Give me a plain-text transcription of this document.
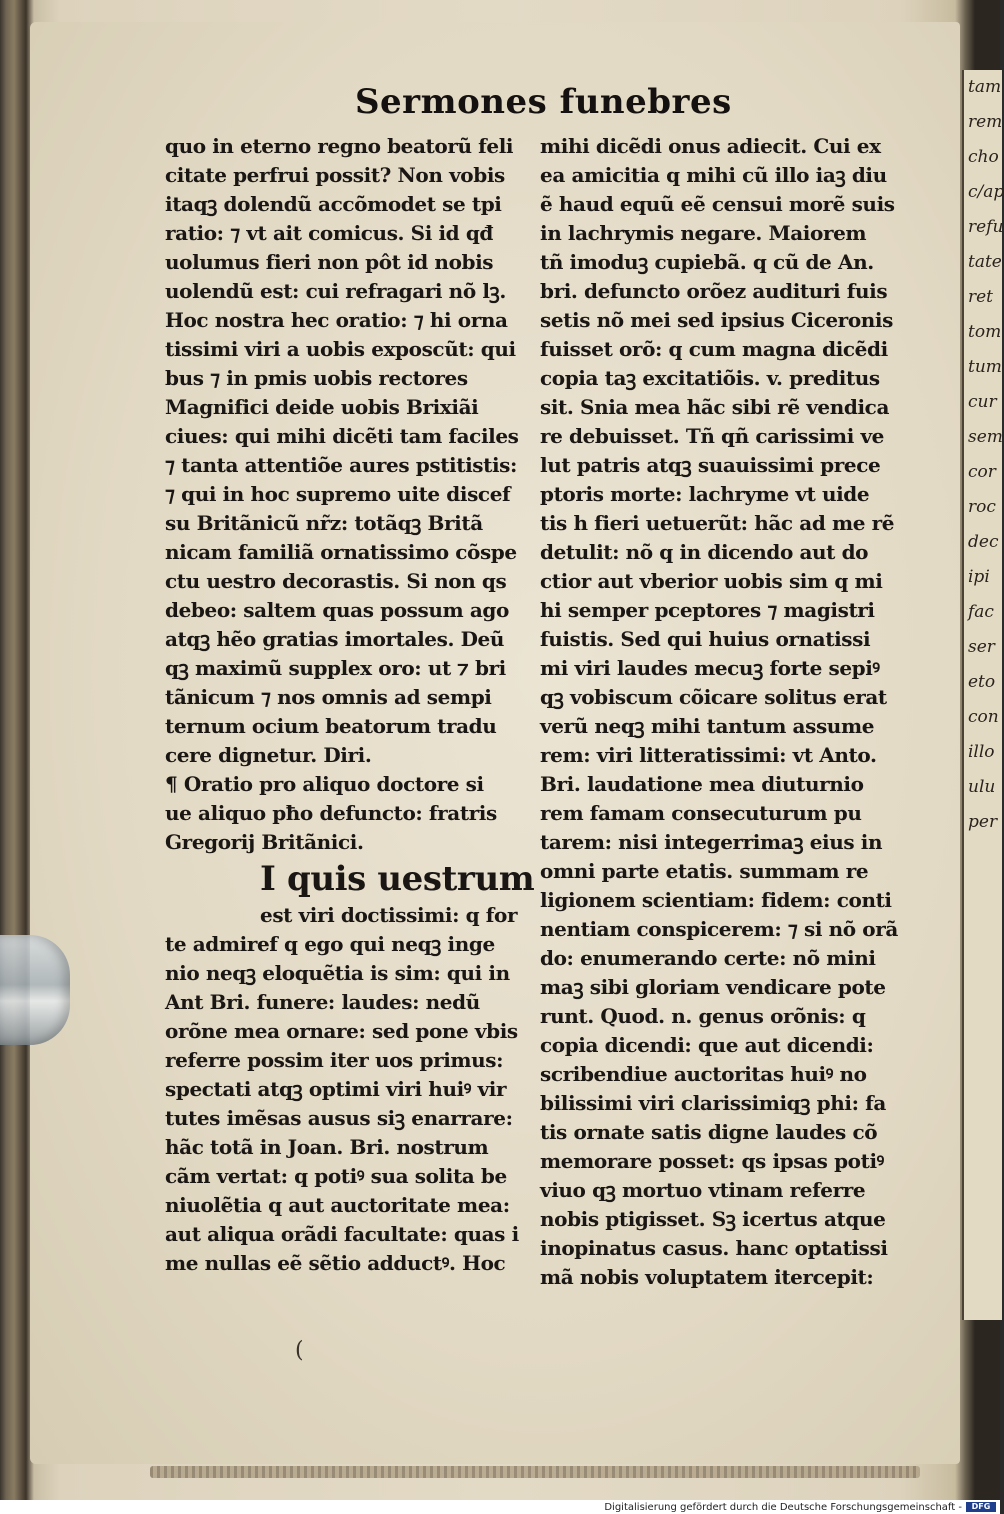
tam
rem
cho
c/ap
refu
tate
ret
tom
tum
cur
sem
cor
roc
dec
ipi
fac
ser
eto
con
illo
ulu
per
Sermones funebres
quo in eterno regno beatorũ feli
citate perfrui possit? Non vobis
itaqꝫ dolendũ accõmodet se tpi
ratio: ⁊ vt ait comicus. Si id qđ
uolumus fieri non pôt id nobis
uolendũ est: cui refragari nõ lꝫ.
Hoc nostra hec oratio: ⁊ hi orna
tissimi viri a uobis exposcũt: qui
bus ⁊ in pmis uobis rectores
Magnifici deide uobis Brixiãi
ciues: qui mihi dicẽti tam faciles
⁊ tanta attentiõe aures pstitistis:
⁊ qui in hoc supremo uite discef
su Britãnicũ nr̃z: totãqꝫ Britã
nicam familiã ornatissimo cõspe
ctu uestro decorastis. Si non qs
debeo: saltem quas possum ago
atqꝫ hẽo gratias imortales. Deũ
qꝫ maximũ supplex oro: ut ⁊ bri
tãnicum ⁊ nos omnis ad sempi
ternum ocium beatorum tradu
cere dignetur. Diri.
¶ Oratio pro aliquo doctore si
ue aliquo pħo defuncto: fratris
Gregorij Britãnici.
I quis uestrum
est viri doctissimi: q for
te admiref q ego qui neqꝫ inge
nio neqꝫ eloquẽtia is sim: qui in
Ant Bri. funere: laudes: nedũ
orõne mea ornare: sed pone vbis
referre possim iter uos primus:
spectati atqꝫ optimi viri huiꝰ vir
tutes imẽsas ausus siꝫ enarrare:
hãc totã in Joan. Bri. nostrum
cãm vertat: q potiꝰ sua solita be
niuolẽtia q aut auctoritate mea:
aut aliqua orãdi facultate: quas i
me nullas eẽ sẽtio adductꝰ. Hoc
mihi dicẽdi onus adiecit. Cui ex
ea amicitia q mihi cũ illo iaꝫ diu
ẽ haud equũ eẽ censui morẽ suis
in lachrymis negare. Maiorem
tñ imoduꝫ cupiebã. q cũ de An.
bri. defuncto orõez audituri fuis
setis nõ mei sed ipsius Ciceronis
fuisset orõ: q cum magna dicẽdi
copia taꝫ excitatiõis. v. preditus
sit. Snia mea hãc sibi rẽ vendica
re debuisset. Tñ qñ carissimi ve
lut patris atqꝫ suauissimi prece
ptoris morte: lachryme vt uide
tis h fieri uetuerũt: hãc ad me rẽ
detulit: nõ q in dicendo aut do
ctior aut vberior uobis sim q mi
hi semper pceptores ⁊ magistri
fuistis. Sed qui huius ornatissi
mi viri laudes mecuꝫ forte sepiꝰ
qꝫ vobiscum cõicare solitus erat
verũ neqꝫ mihi tantum assume
rem: viri litteratissimi: vt Anto.
Bri. laudatione mea diuturnio
rem famam consecuturum pu
tarem: nisi integerrimaꝫ eius in
omni parte etatis. summam re
ligionem scientiam: fidem: conti
nentiam conspicerem: ⁊ si nõ orã
do: enumerando certe: nõ mini
maꝫ sibi gloriam vendicare pote
runt. Quod. n. genus orõnis: q
copia dicendi: que aut dicendi:
scribendiue auctoritas huiꝰ no
bilissimi viri clarissimiqꝫ phi: fa
tis ornate satis digne laudes cõ
memorare posset: qs ipsas potiꝰ
viuo qꝫ mortuo vtinam referre
nobis ptigisset. Sꝫ icertus atque
inopinatus casus. hanc optatissi
mã nobis voluptatem itercepit:
(
Digitalisierung gefördert durch die Deutsche Forschungsgemeinschaft -	DFG
